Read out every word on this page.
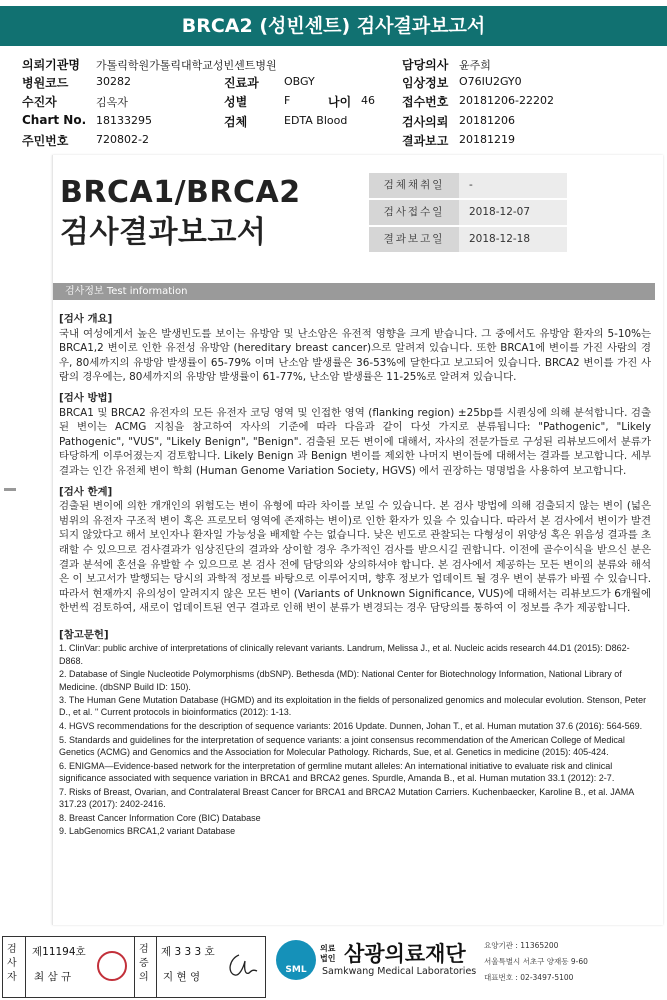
BRCA2 (성빈센트) 검사결과보고서
의뢰기관명 가톨릭학원가톨릭대학교성빈센트병원	담당의사 윤주희
병원코드	30282	진료과 OBGY	임상정보 O76IU2GY0
수진자	김옥자	성별	F	나이 46 접수번호 20181206-22202
Chart No. 18133295	검체	EDTA Blood	검사의뢰 20181206
주민번호	720802-2	결과보고 20181219
BRCA1/BRCA2
검사결과보고서
검체채취일	-
검사접수일	2018-12-07
결과보고일	2018-12-18
검사정보 Test information
[검사 개요]
국내 여성에게서 높은 발생빈도를 보이는 유방암 및 난소암은 유전적 영향을 크게 받습니다. 그 중에서도 유방암 환자의 5-10%는 BRCA1,2 변이로 인한 유전성 유방암 (hereditary breast cancer)으로 알려져 있습니다. 또한 BRCA1에 변이를 가진 사람의 경우, 80세까지의 유방암 발생률이 65-79% 이며 난소암 발생률은 36-53%에 달한다고 보고되어 있습니다. BRCA2 변이를 가진 사람의 경우에는, 80세까지의 유방암 발생률이 61-77%, 난소암 발생률은 11-25%로 알려져 있습니다.
[검사 방법]
BRCA1 및 BRCA2 유전자의 모든 유전자 코딩 영역 및 인접한 영역 (flanking region) ±25bp를 시퀀싱에 의해 분석합니다. 검출된 변이는 ACMG 지침을 참고하여 자사의 기준에 따라 다음과 같이 다섯 가지로 분류됩니다: "Pathogenic", "Likely Pathogenic", "VUS", "Likely Benign", "Benign". 검출된 모든 변이에 대해서, 자사의 전문가들로 구성된 리뷰보드에서 분류가 타당하게 이루어졌는지 검토합니다. Likely Benign 과 Benign 변이를 제외한 나머지 변이들에 대해서는 결과를 보고합니다. 세부결과는 인간 유전체 변이 학회 (Human Genome Variation Society, HGVS) 에서 권장하는 명명법을 사용하여 보고합니다.
[검사 한계]
검출된 변이에 의한 개개인의 위험도는 변이 유형에 따라 차이를 보일 수 있습니다. 본 검사 방법에 의해 검출되지 않는 변이 (넓은 범위의 유전자 구조적 변이 혹은 프로모터 영역에 존재하는 변이)로 인한 환자가 있을 수 있습니다. 따라서 본 검사에서 변이가 발견되지 않았다고 해서 보인자나 환자일 가능성을 배제할 수는 없습니다. 낮은 빈도로 관찰되는 다형성이 위양성 혹은 위음성 결과를 초래할 수 있으므로 검사결과가 임상진단의 결과와 상이할 경우 추가적인 검사를 받으시길 권합니다. 이전에 골수이식을 받으신 분은 결과 분석에 혼선을 유발할 수 있으므로 본 검사 전에 담당의와 상의하셔야 합니다. 본 검사에서 제공하는 모든 변이의 분류와 해석은 이 보고서가 발행되는 당시의 과학적 정보를 바탕으로 이루어지며, 향후 정보가 업데이트 될 경우 변이 분류가 바뀔 수 있습니다. 따라서 현재까지 유의성이 알려지지 않은 모든 변이 (Variants of Unknown Significance, VUS)에 대해서는 리뷰보드가 6개월에 한번씩 검토하여, 새로이 업데이트된 연구 결과로 인해 변이 분류가 변경되는 경우 담당의를 통하여 이 정보를 추가 제공합니다.
[참고문헌]
1. ClinVar: public archive of interpretations of clinically relevant variants. Landrum, Melissa J., et al. Nucleic acids research 44.D1 (2015): D862-D868.
2. Database of Single Nucleotide Polymorphisms (dbSNP). Bethesda (MD): National Center for Biotechnology Information, National Library of Medicine. (dbSNP Build ID: 150).
3. The Human Gene Mutation Database (HGMD) and its exploitation in the fields of personalized genomics and molecular evolution. Stenson, Peter D., et al. " Current protocols in bioinformatics (2012): 1-13.
4. HGVS recommendations for the description of sequence variants: 2016 Update. Dunnen, Johan T., et al. Human mutation 37.6 (2016): 564-569.
5. Standards and guidelines for the interpretation of sequence variants: a joint consensus recommendation of the American College of Medical Genetics (ACMG) and Genomics and the Association for Molecular Pathology. Richards, Sue, et al. Genetics in medicine (2015): 405-424.
6. ENIGMA—Evidence-based network for the interpretation of germline mutant alleles: An international initiative to evaluate risk and clinical significance associated with sequence variation in BRCA1 and BRCA2 genes. Spurdle, Amanda B., et al. Human mutation 33.1 (2012): 2-7.
7. Risks of Breast, Ovarian, and Contralateral Breast Cancer for BRCA1 and BRCA2 Mutation Carriers. Kuchenbaecker, Karoline B., et al. JAMA 317.23 (2017): 2402-2416.
8. Breast Cancer Information Core (BIC) Database
9. LabGenomics BRCA1,2 variant Database
검사자
제11194호
최 삼 규
검증의
제 3 3 3 호
지 현 영
SML
의료법인 삼광의료재단
Samkwang Medical Laboratories
요양기관 : 11365200
서울특별시 서초구 양재동 9-60
대표번호 : 02-3497-5100
